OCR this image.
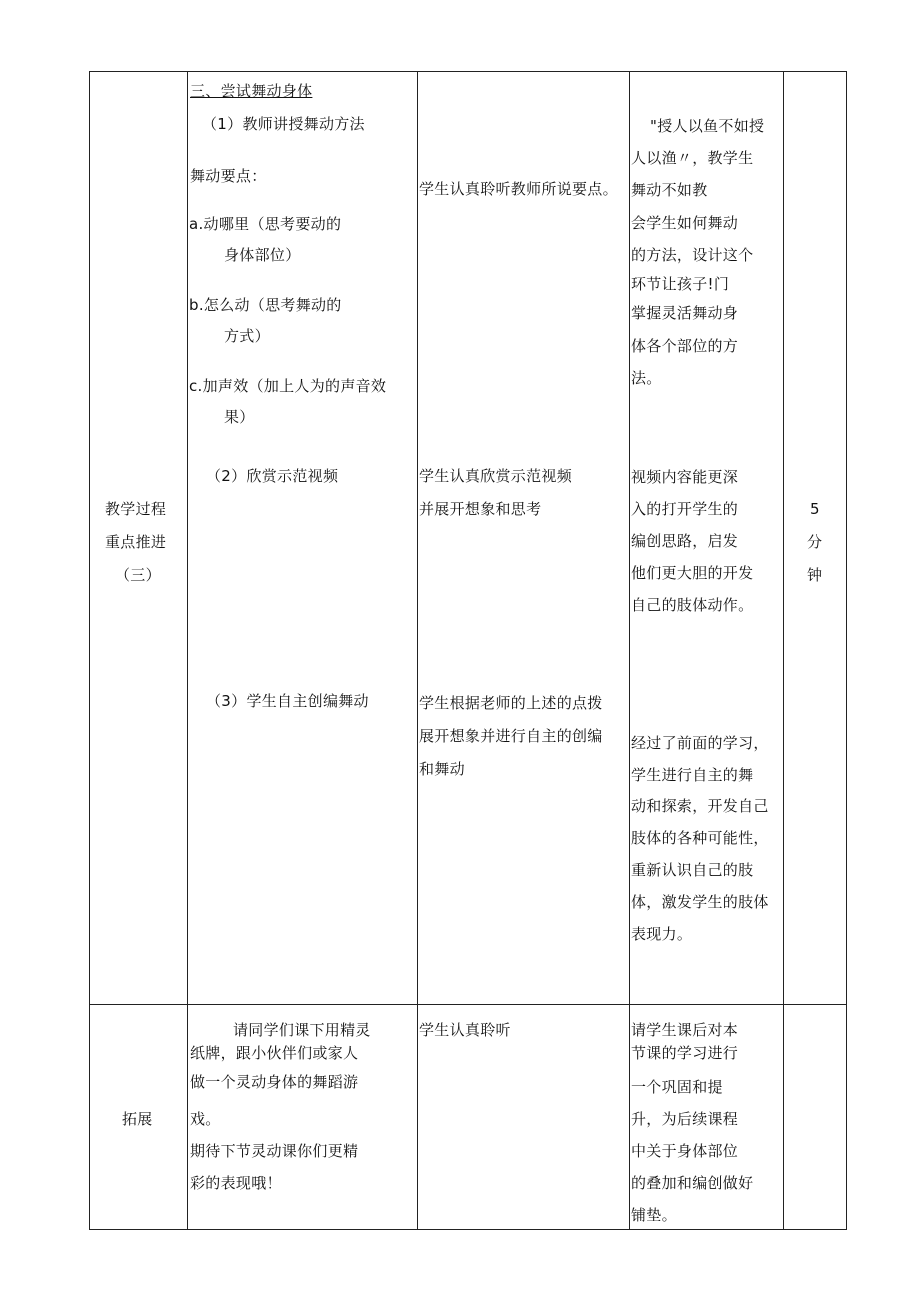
教学过程
重点推进
（三）
三、尝试舞动身体
（1）教师讲授舞动方法
舞动要点：
a.动哪里（思考要动的
身体部位）
b.怎么动（思考舞动的
方式）
c.加声效（加上人为的声音效
果）
（2）欣赏示范视频
（3）学生自主创编舞动
学生认真聆听教师所说要点。
学生认真欣赏示范视频
并展开想象和思考
学生根据老师的上述的点拨
展开想象并进行自主的创编
和舞动
"授人以鱼不如授
人以渔〃，教学生
舞动不如教
会学生如何舞动
的方法，设计这个
环节让孩子!门
掌握灵活舞动身
体各个部位的方
法。
视频内容能更深
入的打开学生的
编创思路，启发
他们更大胆的开发
自己的肢体动作。
经过了前面的学习，
学生进行自主的舞
动和探索，开发自己
肢体的各种可能性，
重新认识自己的肢
体，激发学生的肢体
表现力。
5
分
钟
拓展
请同学们课下用精灵
纸牌，跟小伙伴们或家人
做一个灵动身体的舞蹈游
戏。
期待下节灵动课你们更精
彩的表现哦！
学生认真聆听	请学生课后对本
节课的学习进行
一个巩固和提
升，为后续课程
中关于身体部位
的叠加和编创做好
铺垫。
